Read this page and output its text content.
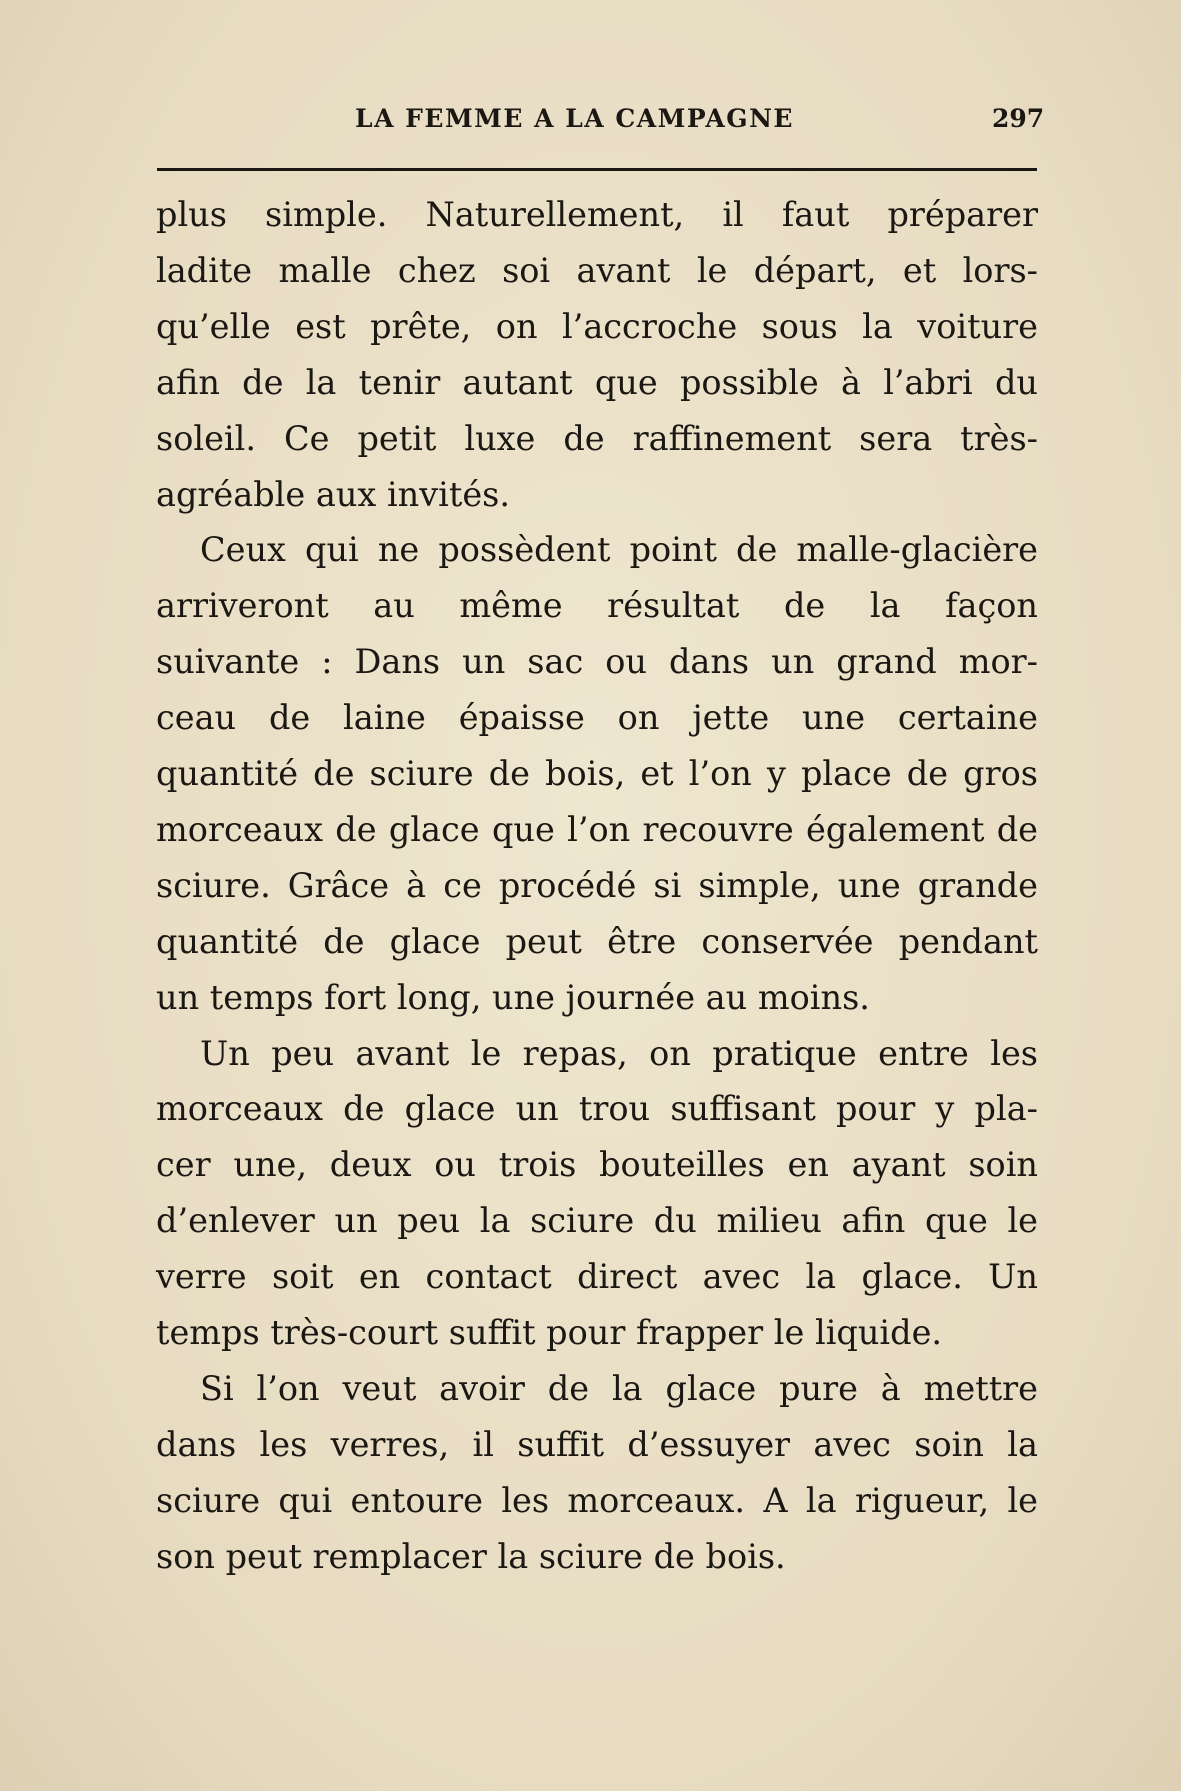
LA FEMME A LA CAMPAGNE	297
plus simple. Naturellement, il faut préparer
ladite malle chez soi avant le départ, et lors-
qu’elle est prête, on l’accroche sous la voiture
afin de la tenir autant que possible à l’abri du
soleil. Ce petit luxe de raffinement sera très-
agréable aux invités.
Ceux qui ne possèdent point de malle-glacière
arriveront au même résultat de la façon
suivante : Dans un sac ou dans un grand mor-
ceau de laine épaisse on jette une certaine
quantité de sciure de bois, et l’on y place de gros
morceaux de glace que l’on recouvre également de
sciure. Grâce à ce procédé si simple, une grande
quantité de glace peut être conservée pendant
un temps fort long, une journée au moins.
Un peu avant le repas, on pratique entre les
morceaux de glace un trou suffisant pour y pla-
cer une, deux ou trois bouteilles en ayant soin
d’enlever un peu la sciure du milieu afin que le
verre soit en contact direct avec la glace. Un
temps très-court suffit pour frapper le liquide.
Si l’on veut avoir de la glace pure à mettre
dans les verres, il suffit d’essuyer avec soin la
sciure qui entoure les morceaux. A la rigueur, le
son peut remplacer la sciure de bois.
